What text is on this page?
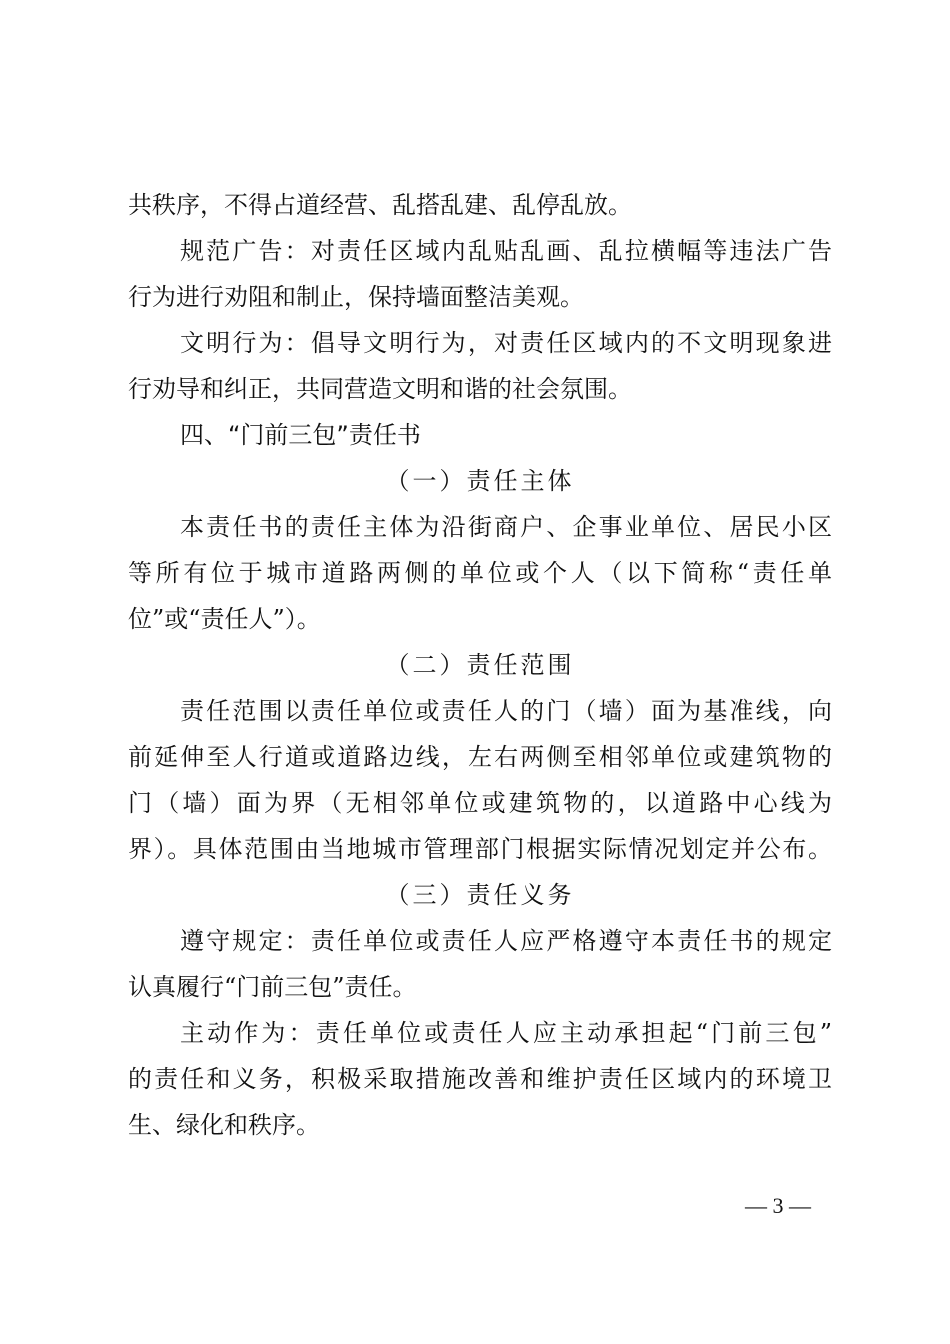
共秩序，不得占道经营、乱搭乱建、乱停乱放。
规范广告：对责任区域内乱贴乱画、乱拉横幅等违法广告
行为进行劝阻和制止，保持墙面整洁美观。
文明行为：倡导文明行为，对责任区域内的不文明现象进
行劝导和纠正，共同营造文明和谐的社会氛围。
四、“门前三包”责任书
（一）责任主体
本责任书的责任主体为沿街商户、企事业单位、居民小区
等所有位于城市道路两侧的单位或个人（以下简称“责任单
位”或“责任人”）。
（二）责任范围
责任范围以责任单位或责任人的门（墙）面为基准线，向
前延伸至人行道或道路边线，左右两侧至相邻单位或建筑物的
门（墙）面为界（无相邻单位或建筑物的，以道路中心线为
界）。具体范围由当地城市管理部门根据实际情况划定并公布。
（三）责任义务
遵守规定：责任单位或责任人应严格遵守本责任书的规定
认真履行“门前三包”责任。
主动作为：责任单位或责任人应主动承担起“门前三包”
的责任和义务，积极采取措施改善和维护责任区域内的环境卫
生、绿化和秩序。
— 3 —
